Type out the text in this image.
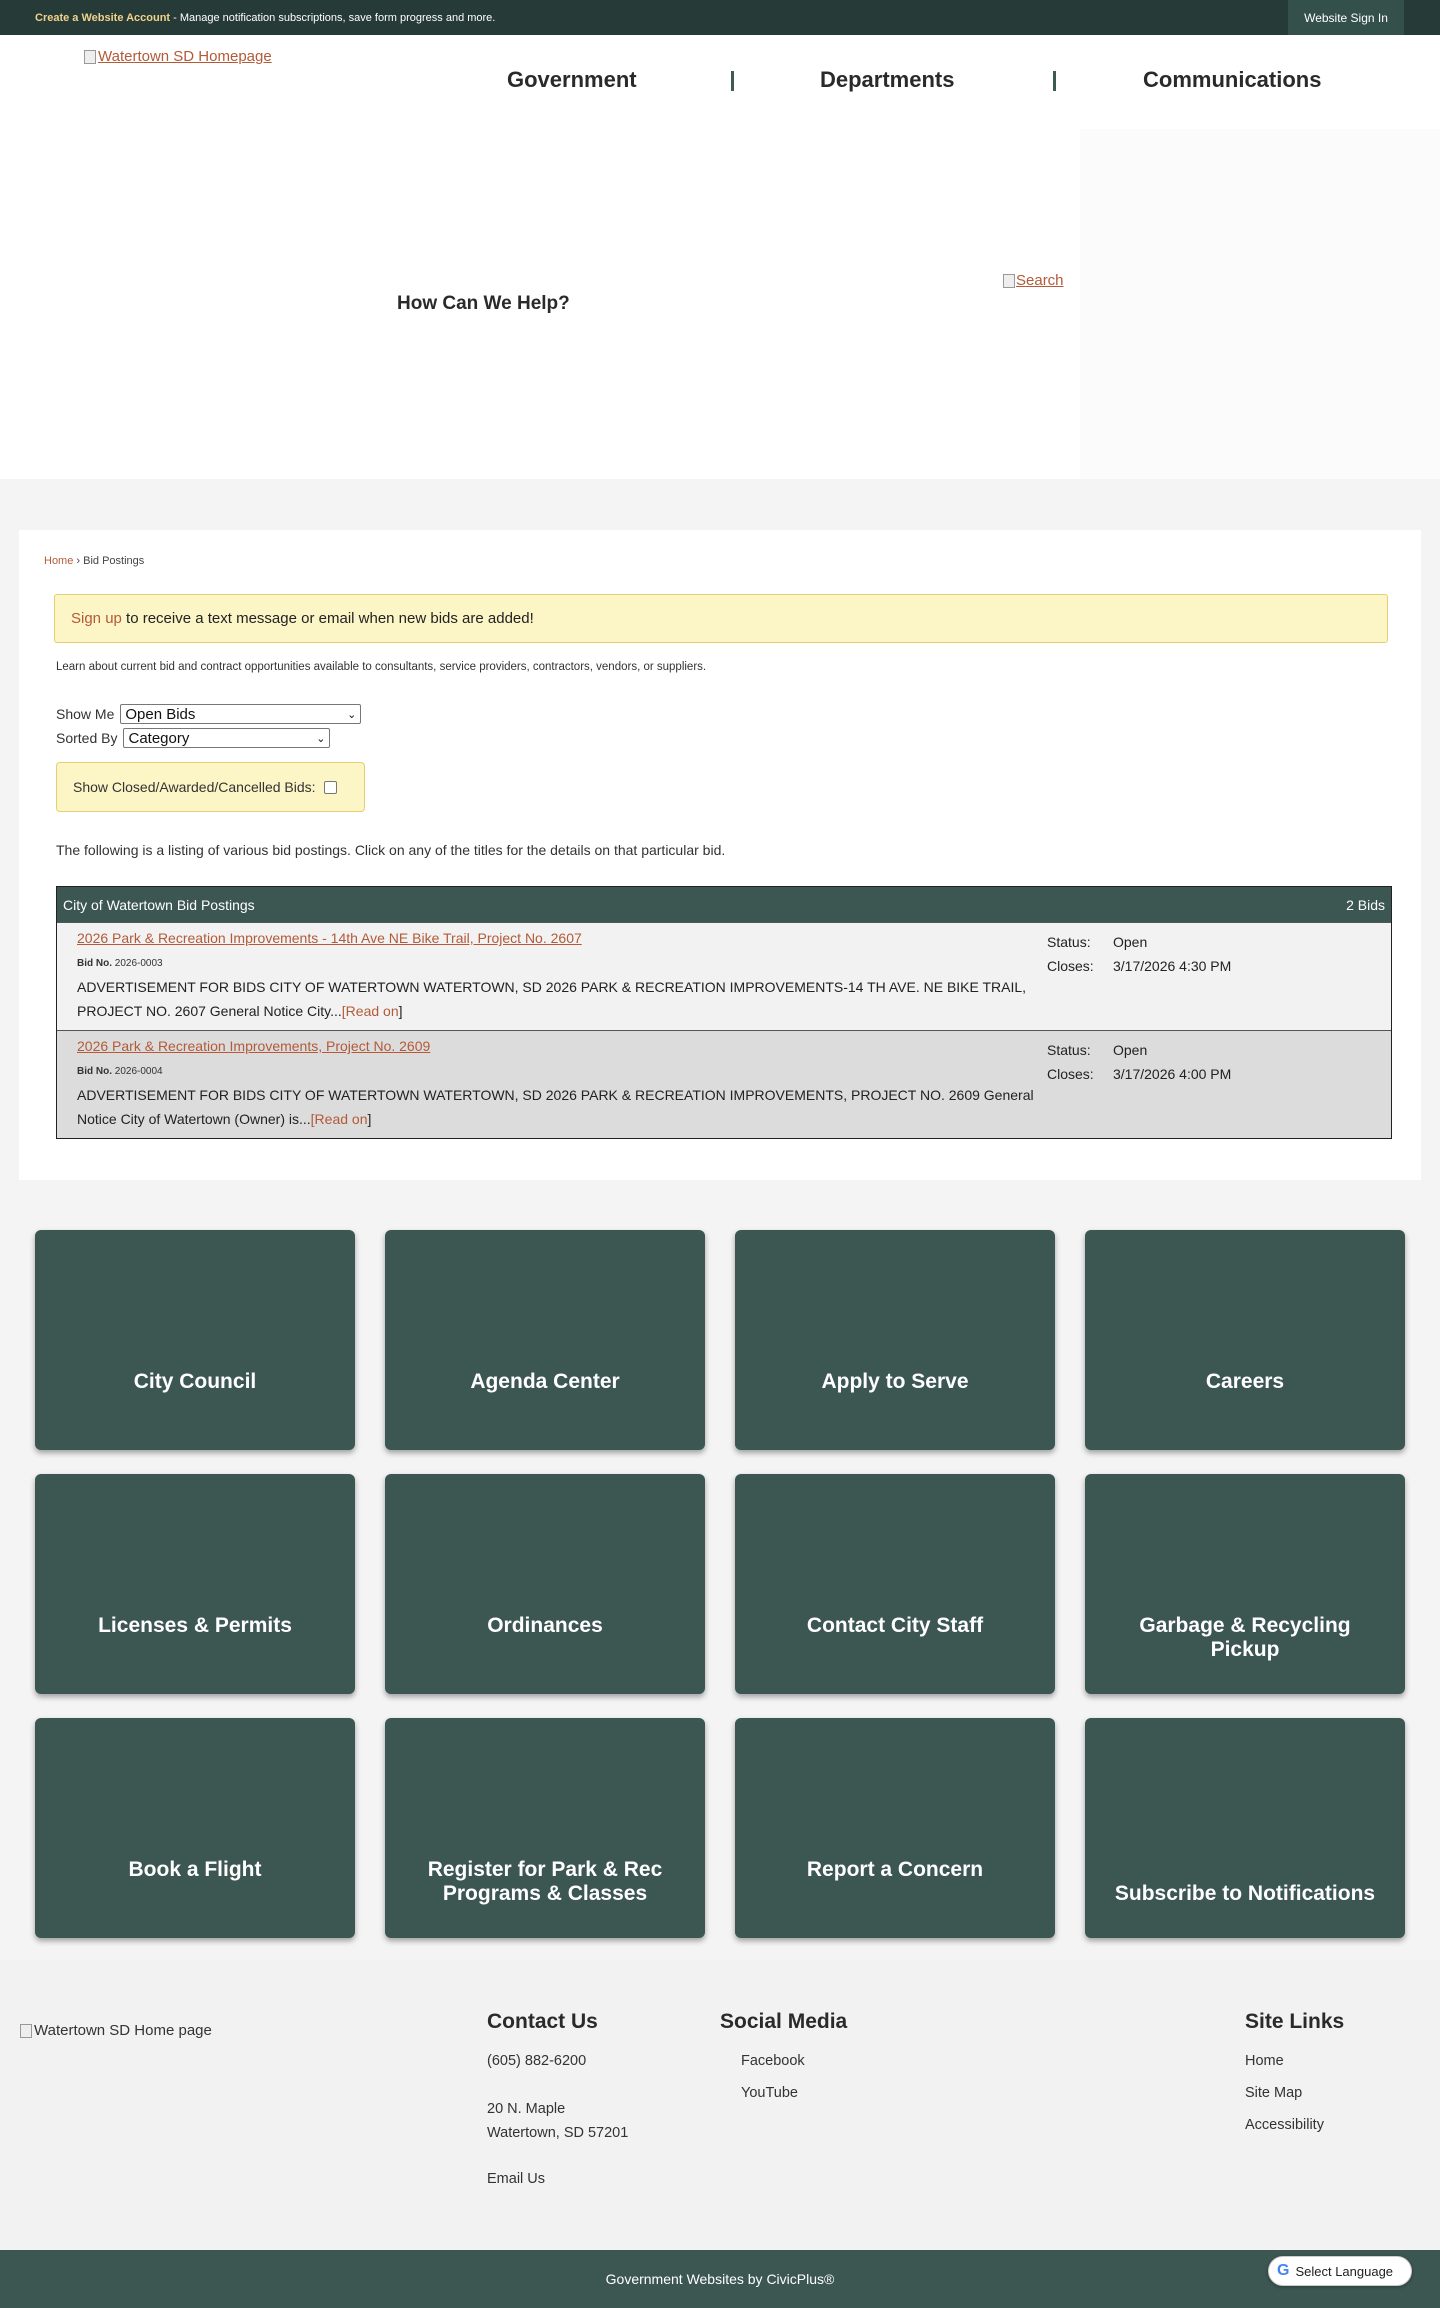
Create a Website Account - Manage notification subscriptions, save form progress and more.	Website Sign In
Watertown SD Homepage
Government	Departments	Communications
How Can We Help?
Search
Home › Bid Postings
Sign up to receive a text message or email when new bids are added!
Learn about current bid and contract opportunities available to consultants, service providers, contractors, vendors, or suppliers.
Show Me Open Bids	⌄
Sorted By Category	⌄
Show Closed/Awarded/Cancelled Bids:
The following is a listing of various bid postings. Click on any of the titles for the details on that particular bid.
City of Watertown Bid Postings	2 Bids
2026 Park & Recreation Improvements - 14th Ave NE Bike Trail, Project No. 2607
Bid No. 2026-0003
ADVERTISEMENT FOR BIDS CITY OF WATERTOWN WATERTOWN, SD 2026 PARK & RECREATION IMPROVEMENTS-14 TH AVE. NE BIKE TRAIL, PROJECT NO. 2607 General Notice City...[Read on]
Status: Open
Closes: 3/17/2026 4:30 PM
2026 Park & Recreation Improvements, Project No. 2609
Bid No. 2026-0004
ADVERTISEMENT FOR BIDS CITY OF WATERTOWN WATERTOWN, SD 2026 PARK & RECREATION IMPROVEMENTS, PROJECT NO. 2609 General Notice City of Watertown (Owner) is...[Read on]
Status: Open
Closes: 3/17/2026 4:00 PM
City Council	Agenda Center	Apply to Serve	Careers
Licenses & Permits	Ordinances	Contact City Staff	Garbage & Recycling Pickup
Book a Flight	Register for Park & Rec Programs & Classes
Report a Concern
Subscribe to Notifications
Watertown SD Home page	Contact Us
(605) 882-6200
20 N. Maple
Watertown, SD 57201
Email Us
Social Media
Facebook
YouTube
Site Links
Home
Site Map
Accessibility
Government Websites by CivicPlus®	G Select Language
